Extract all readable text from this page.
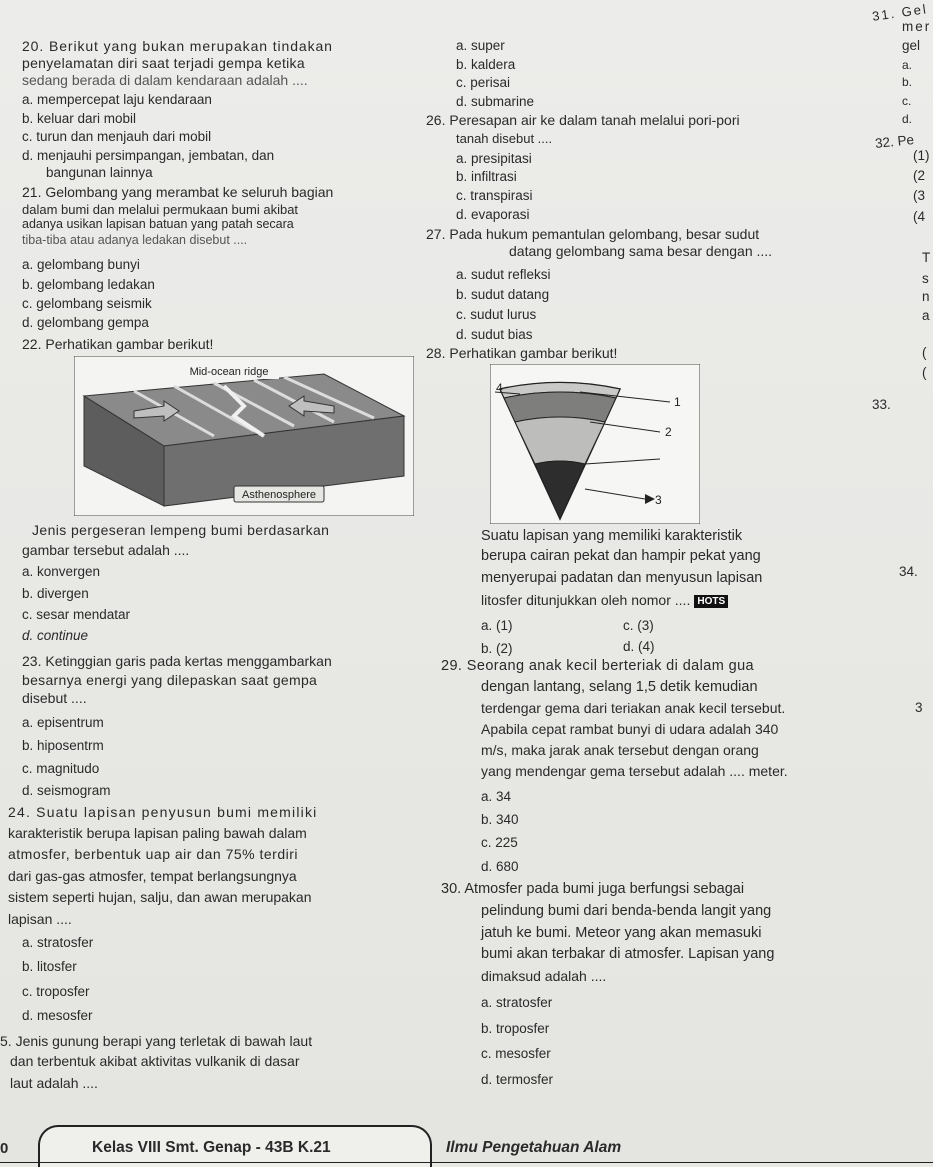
20. Berikut yang bukan merupakan tindakan
penyelamatan diri saat terjadi gempa ketika
sedang berada di dalam kendaraan adalah ....
a. mempercepat laju kendaraan
b. keluar dari mobil
c. turun dan menjauh dari mobil
d. menjauhi persimpangan, jembatan, dan
bangunan lainnya
21. Gelombang yang merambat ke seluruh bagian
dalam bumi dan melalui permukaan bumi akibat
adanya usikan lapisan batuan yang patah secara
tiba-tiba atau adanya ledakan disebut ....
a. gelombang bunyi
b. gelombang ledakan
c. gelombang seismik
d. gelombang gempa
22. Perhatikan gambar berikut!
Mid-ocean ridge
Asthenosphere
Jenis pergeseran lempeng bumi berdasarkan
gambar tersebut adalah ....
a. konvergen
b. divergen
c. sesar mendatar
d. continue
23. Ketinggian garis pada kertas menggambarkan
besarnya energi yang dilepaskan saat gempa
disebut ....
a. episentrum
b. hiposentrm
c. magnitudo
d. seismogram
24. Suatu lapisan penyusun bumi memiliki
karakteristik berupa lapisan paling bawah dalam
atmosfer, berbentuk uap air dan 75% terdiri
dari gas-gas atmosfer, tempat berlangsungnya
sistem seperti hujan, salju, dan awan merupakan
lapisan ....
a. stratosfer
b. litosfer
c. troposfer
d. mesosfer
5. Jenis gunung berapi yang terletak di bawah laut
dan terbentuk akibat aktivitas vulkanik di dasar
laut adalah ....
a. super
b. kaldera
c. perisai
d. submarine
26. Peresapan air ke dalam tanah melalui pori-pori
tanah disebut ....
a. presipitasi
b. infiltrasi
c. transpirasi
d. evaporasi
27. Pada hukum pemantulan gelombang, besar sudut
datang gelombang sama besar dengan ....
a. sudut refleksi
b. sudut datang
c. sudut lurus
d. sudut bias
28. Perhatikan gambar berikut!
4
1
2
3
Suatu lapisan yang memiliki karakteristik
berupa cairan pekat dan hampir pekat yang
menyerupai padatan dan menyusun lapisan
litosfer ditunjukkan oleh nomor .... HOTS
a. (1)
b. (2)
c. (3)
d. (4)
29. Seorang anak kecil berteriak di dalam gua
dengan lantang, selang 1,5 detik kemudian
terdengar gema dari teriakan anak kecil tersebut.
Apabila cepat rambat bunyi di udara adalah 340
m/s, maka jarak anak tersebut dengan orang
yang mendengar gema tersebut adalah .... meter.
a. 34
b. 340
c. 225
d. 680
30. Atmosfer pada bumi juga berfungsi sebagai
pelindung bumi dari benda-benda langit yang
jatuh ke bumi. Meteor yang akan memasuki
bumi akan terbakar di atmosfer. Lapisan yang
dimaksud adalah ....
a. stratosfer
b. troposfer
c. mesosfer
d. termosfer
31. Gel
mer
gel
a.
b.
c.
d.
32. Pe
(1)
(2
(3
(4
T
s
n
a
(
(
33.
34.
3
0	Kelas VIII Smt. Genap - 43B K.21	Ilmu Pengetahuan Alam
